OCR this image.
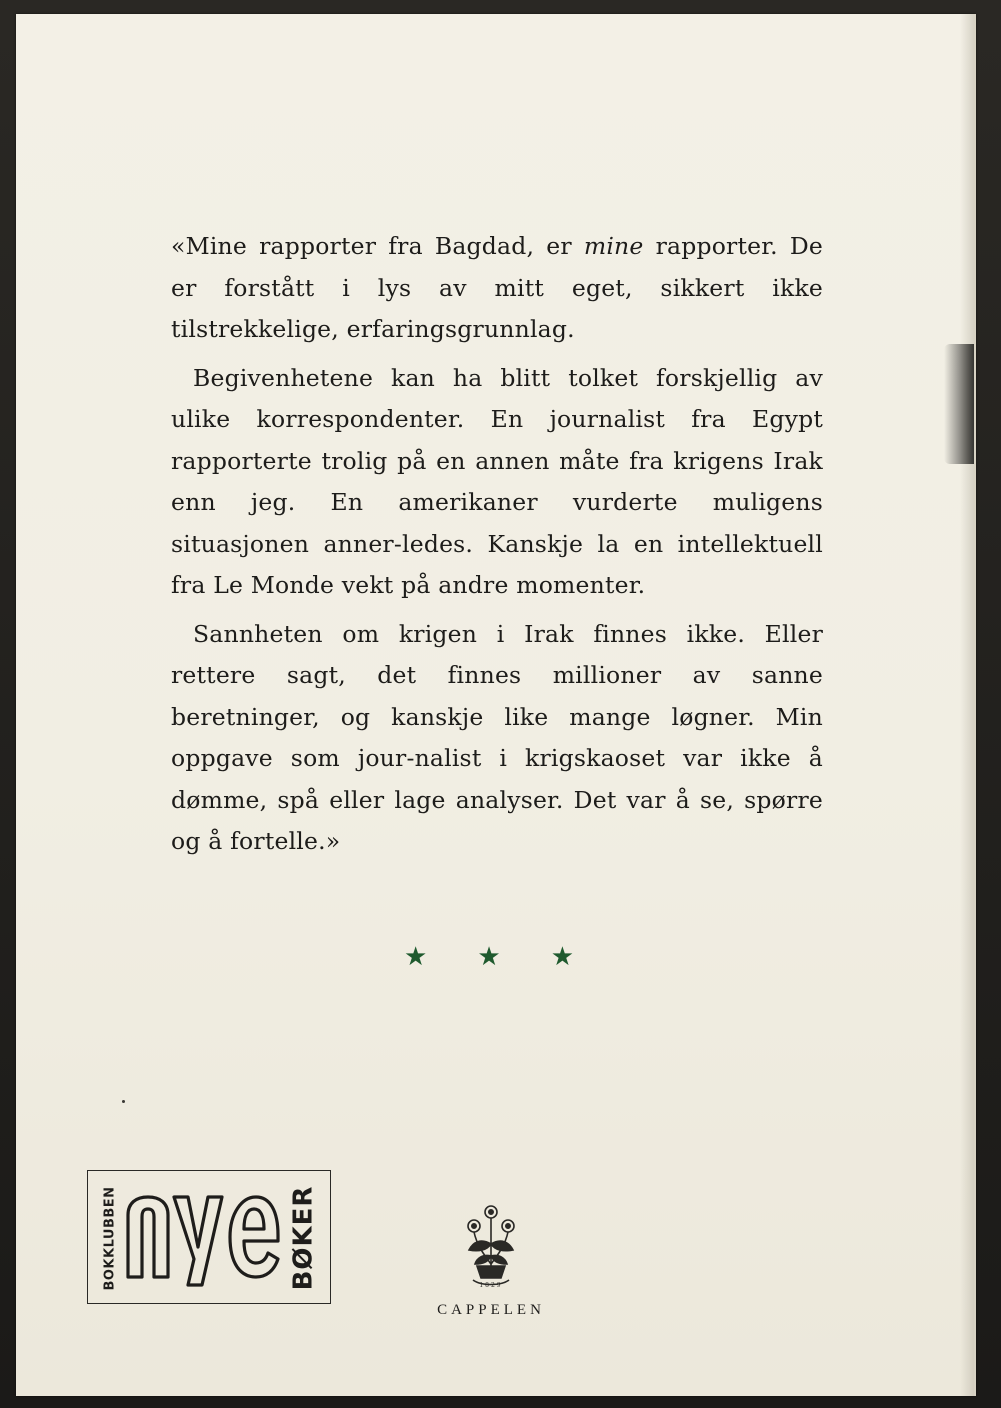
«Mine rapporter fra Bagdad, er mine rapporter. De er forstått i lys av mitt eget, sikkert ikke tilstrekkelige, erfaringsgrunnlag.

Begivenhetene kan ha blitt tolket forskjellig av ulike korrespondenter. En journalist fra Egypt rapporterte trolig på en annen måte fra krigens Irak enn jeg. En amerikaner vurderte muligens situasjonen anner-ledes. Kanskje la en intellektuell fra Le Monde vekt på andre momenter.

Sannheten om krigen i Irak finnes ikke. Eller rettere sagt, det finnes millioner av sanne beretninger, og kanskje like mange løgner. Min oppgave som jour-nalist i krigskaoset var ikke å dømme, spå eller lage analyser. Det var å se, spørre og å fortelle.»

★ ★ ★
BOKKLUBBEN	BØKER	1829
CAPPELEN
